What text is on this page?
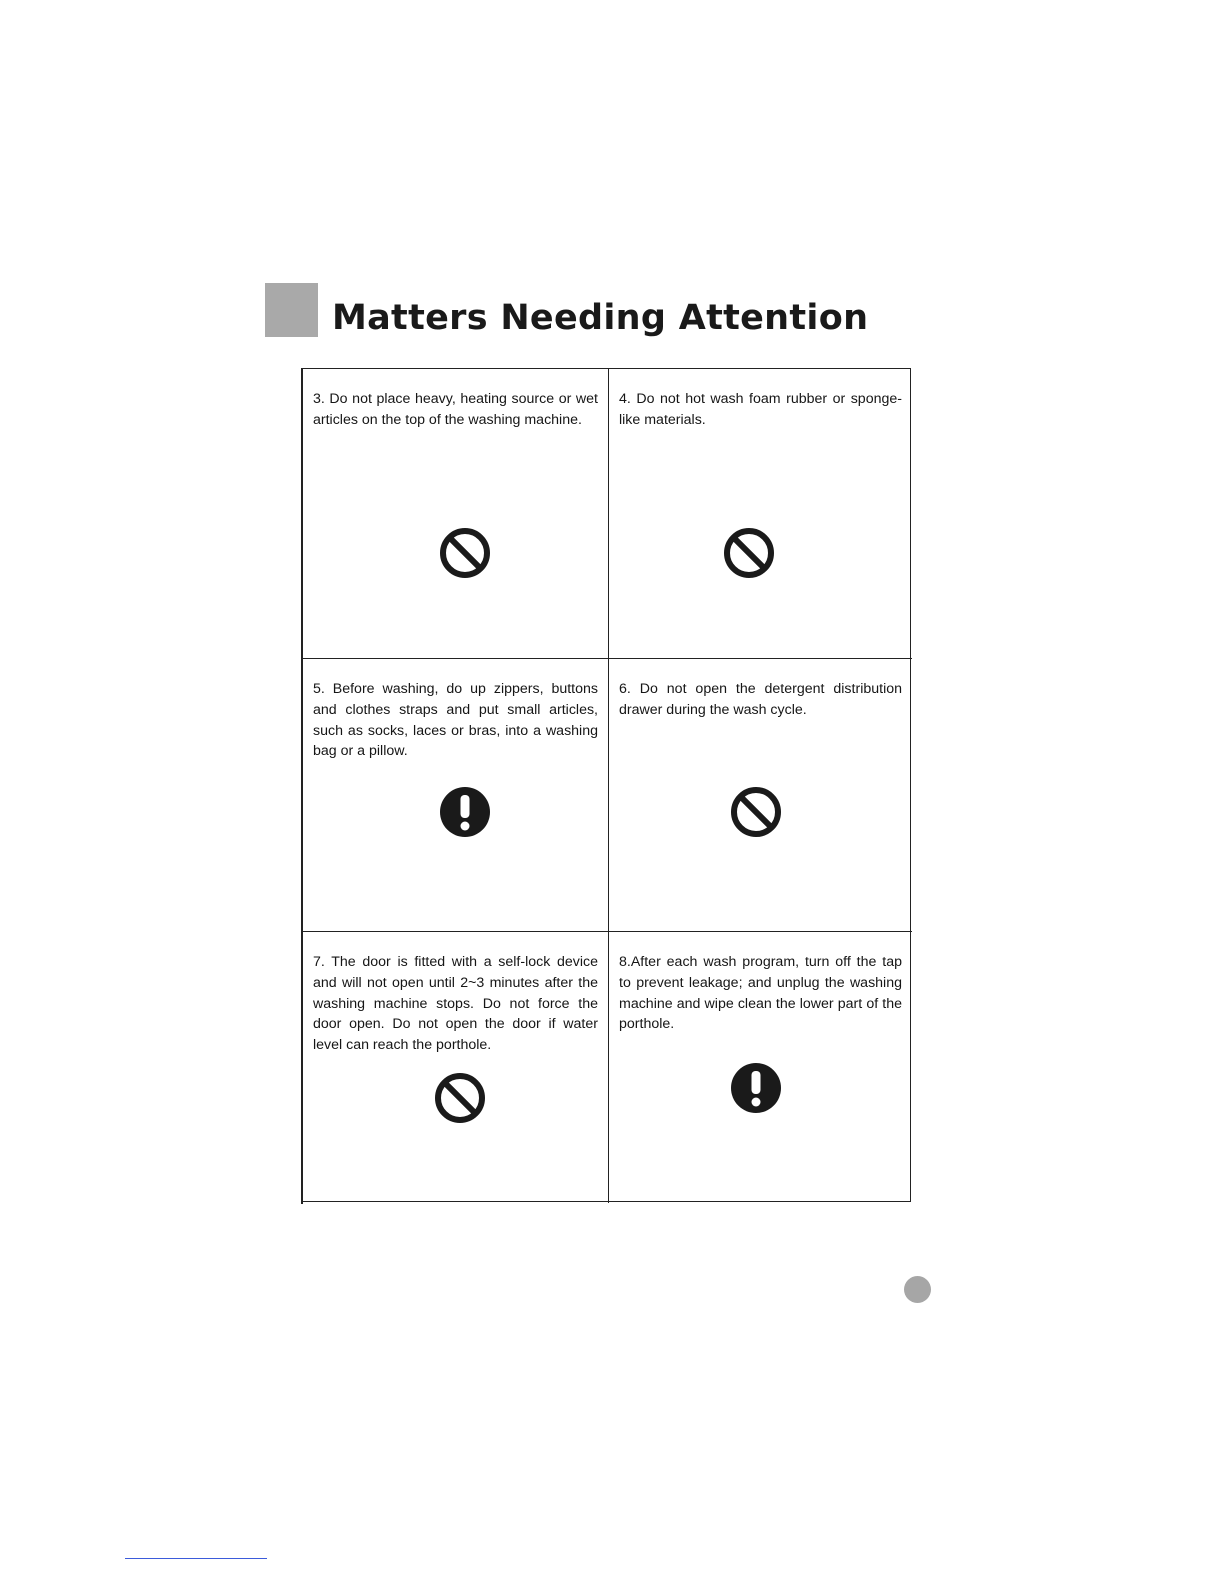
Matters Needing Attention

3. Do not place heavy, heating source or wet articles on the top of the washing machine.

4. Do not hot wash foam rubber or sponge-like materials.

5. Before washing, do up zippers, buttons and clothes straps and put small articles, such as socks, laces or bras, into a washing bag or a pillow.

6. Do not open the detergent distribution drawer during the wash cycle.

7. The door is fitted with a self-lock device and will not open until 2~3 minutes after the washing machine stops. Do not force the door open. Do not open the door if water level can reach the porthole.

8.After each wash program, turn off the tap to prevent leakage; and unplug the washing machine and wipe clean the lower part of the porthole.
